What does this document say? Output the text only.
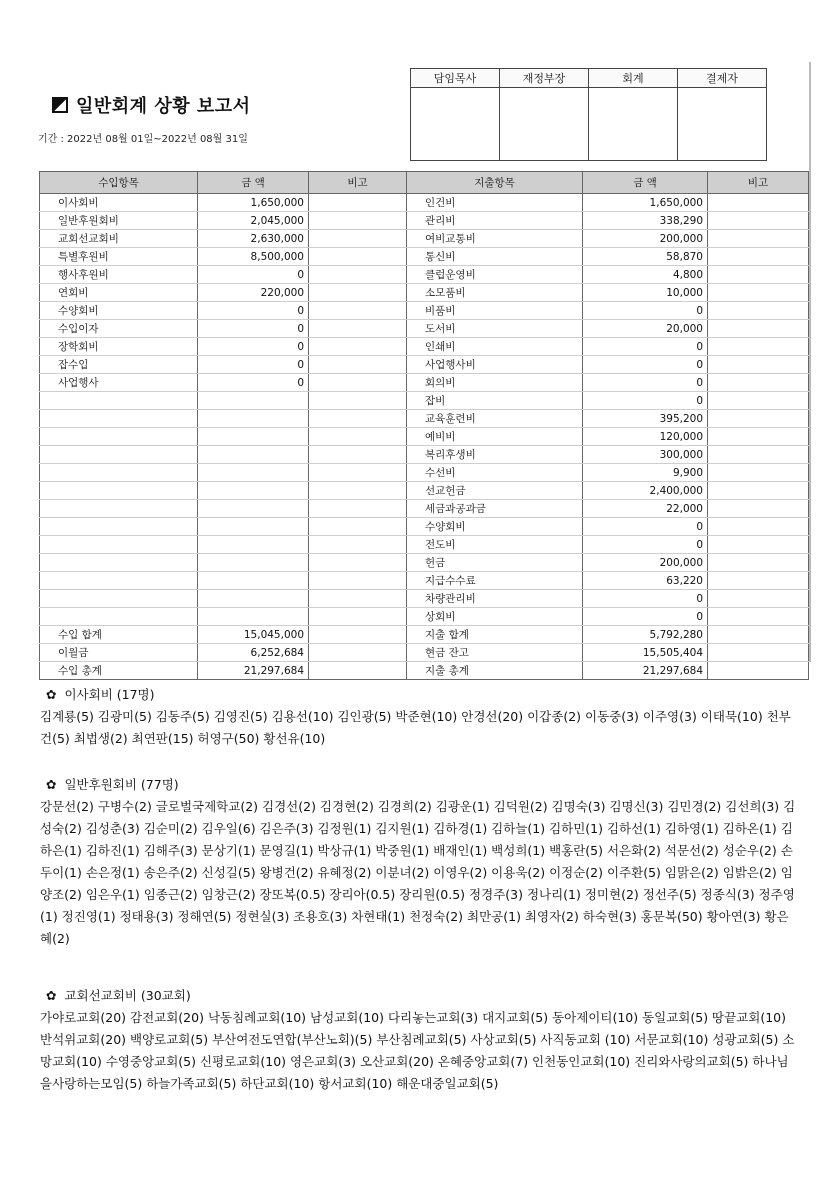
일반회계 상황 보고서
기간 : 2022년 08월 01일~2022년 08월 31일
담임목사	재정부장	회계	결제자

수입항목	금 액	비고	지출항목	금 액	비고
이사회비	1,650,000		인건비	1,650,000	
일반후원회비	2,045,000		관리비	338,290	
교회선교회비	2,630,000		여비교통비	200,000	
특별후원비	8,500,000		통신비	58,870	
행사후원비	0		클럽운영비	4,800	
연회비	220,000		소모품비	10,000	
수양회비	0		비품비	0	
수입이자	0		도서비	20,000	
장학회비	0		인쇄비	0	
잡수입	0		사업행사비	0	
사업행사	0		회의비	0	
			잡비	0	
			교육훈련비	395,200	
			예비비	120,000	
			복리후생비	300,000	
			수선비	9,900	
			선교헌금	2,400,000	
			세금과공과금	22,000	
			수양회비	0	
			전도비	0	
			헌금	200,000	
			지급수수료	63,220	
			차량관리비	0	
			상회비	0	
수입 합계	15,045,000		지출 합계	5,792,280	
이월금	6,252,684		현금 잔고	15,505,404	
수입 총계	21,297,684		지출 총계	21,297,684	
✿ 이사회비 (17명)
김계룡(5) 김광미(5) 김동주(5) 김영진(5) 김용선(10) 김인광(5) 박준현(10) 안경선(20) 이갑종(2) 이동중(3) 이주영(3) 이태묵(10) 천부건(5) 최법생(2) 최연판(15) 허영구(50) 황선유(10)
✿ 일반후원회비 (77명)
강문선(2) 구병수(2) 글로벌국제학교(2) 김경선(2) 김경현(2) 김경희(2) 김광운(1) 김덕원(2) 김명숙(3) 김명신(3) 김민경(2) 김선희(3) 김성숙(2) 김성춘(3) 김순미(2) 김우일(6) 김은주(3) 김정원(1) 김지원(1) 김하경(1) 김하늘(1) 김하민(1) 김하선(1) 김하영(1) 김하온(1) 김하은(1) 김하진(1) 김해주(3) 문상기(1) 문영길(1) 박상규(1) 박중원(1) 배재인(1) 백성희(1) 백홍란(5) 서은화(2) 석문선(2) 성순우(2) 손두이(1) 손은정(1) 송은주(2) 신성길(5) 왕병건(2) 유혜정(2) 이분녀(2) 이영우(2) 이용욱(2) 이정순(2) 이주환(5) 임맑은(2) 임밝은(2) 임양조(2) 임은우(1) 임종근(2) 임창근(2) 장또복(0.5) 장리아(0.5) 장리원(0.5) 정경주(3) 정나리(1) 정미현(2) 정선주(5) 정종식(3) 정주영(1) 정진영(1) 정태용(3) 정해연(5) 정현실(3) 조용호(3) 차현태(1) 천정숙(2) 최만공(1) 최영자(2) 하숙현(3) 홍문복(50) 황아연(3) 황은혜(2)
✿ 교회선교회비 (30교회)
가야로교회(20) 감전교회(20) 낙동침례교회(10) 남성교회(10) 다리놓는교회(3) 대지교회(5) 동아제이티(10) 동일교회(5) 땅끝교회(10) 반석위교회(20) 백양로교회(5) 부산여전도연합(부산노회)(5) 부산침례교회(5) 사상교회(5) 사직동교회 (10) 서문교회(10) 성광교회(5) 소망교회(10) 수영중앙교회(5) 신평로교회(10) 영은교회(3) 오산교회(20) 온혜중앙교회(7) 인천동인교회(10) 진리와사랑의교회(5) 하나님을사랑하는모임(5) 하늘가족교회(5) 하단교회(10) 항서교회(10) 해운대중일교회(5)
